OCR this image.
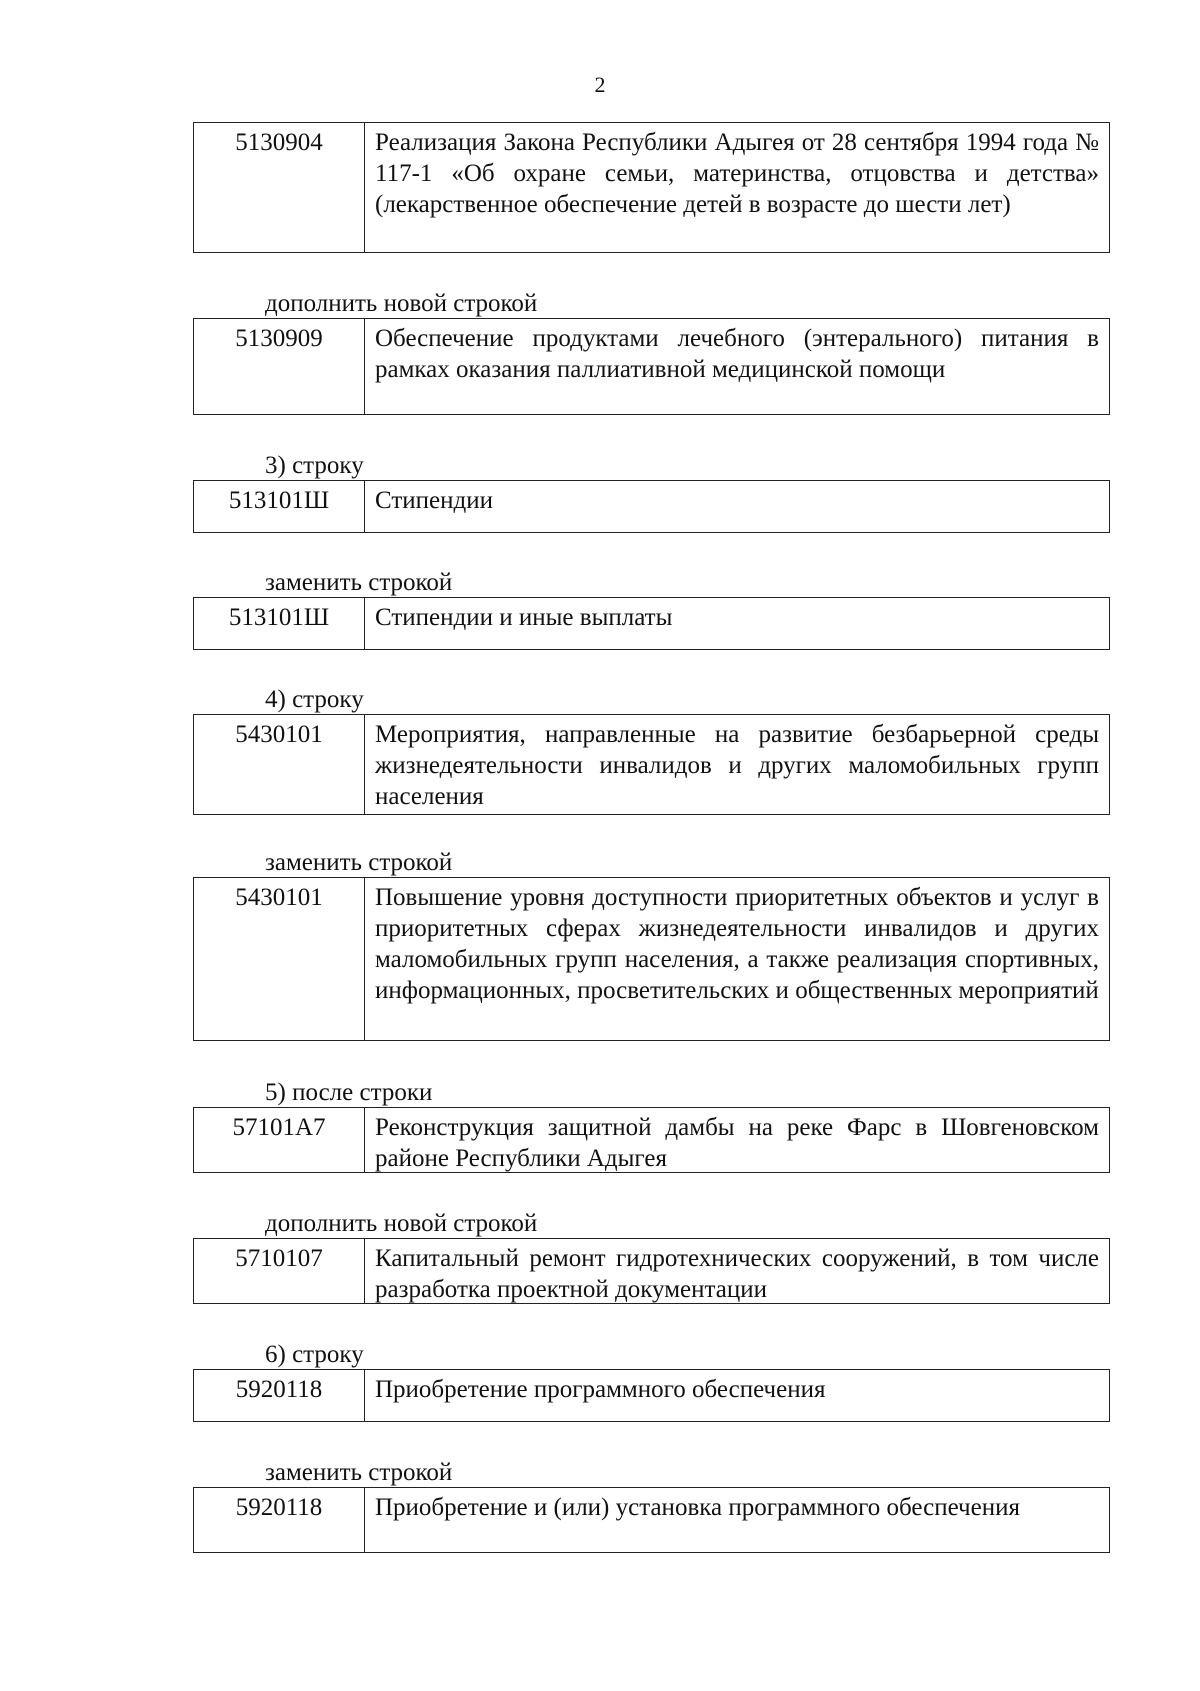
2
5130904	Реализация Закона Республики Адыгея от 28 сентября 1994 года № 117-1 «Об охране семьи, материнства, отцовства и детства» (лекарственное обеспечение детей в возрасте до шести лет)
дополнить новой строкой
5130909	Обеспечение продуктами лечебного (энтерального) питания в рамках оказания паллиативной медицинской помощи
3) строку
513101Ш	Стипендии
заменить строкой
513101Ш	Стипендии и иные выплаты
4) строку
5430101	Мероприятия, направленные на развитие безбарьерной среды жизнедеятельности инвалидов и других маломобильных групп населения
заменить строкой
5430101	Повышение уровня доступности приоритетных объектов и услуг в приоритетных сферах жизнедеятельности инвалидов и других маломобильных групп населения, а также реализация спортивных, информационных, просветительских и общественных мероприятий
5) после строки
57101А7	Реконструкция защитной дамбы на реке Фарс в Шовгеновском районе Республики Адыгея
дополнить новой строкой
5710107	Капитальный ремонт гидротехнических сооружений, в том числе разработка проектной документации
6) строку
5920118	Приобретение программного обеспечения
заменить строкой
5920118	Приобретение и (или) установка программного обеспечения
